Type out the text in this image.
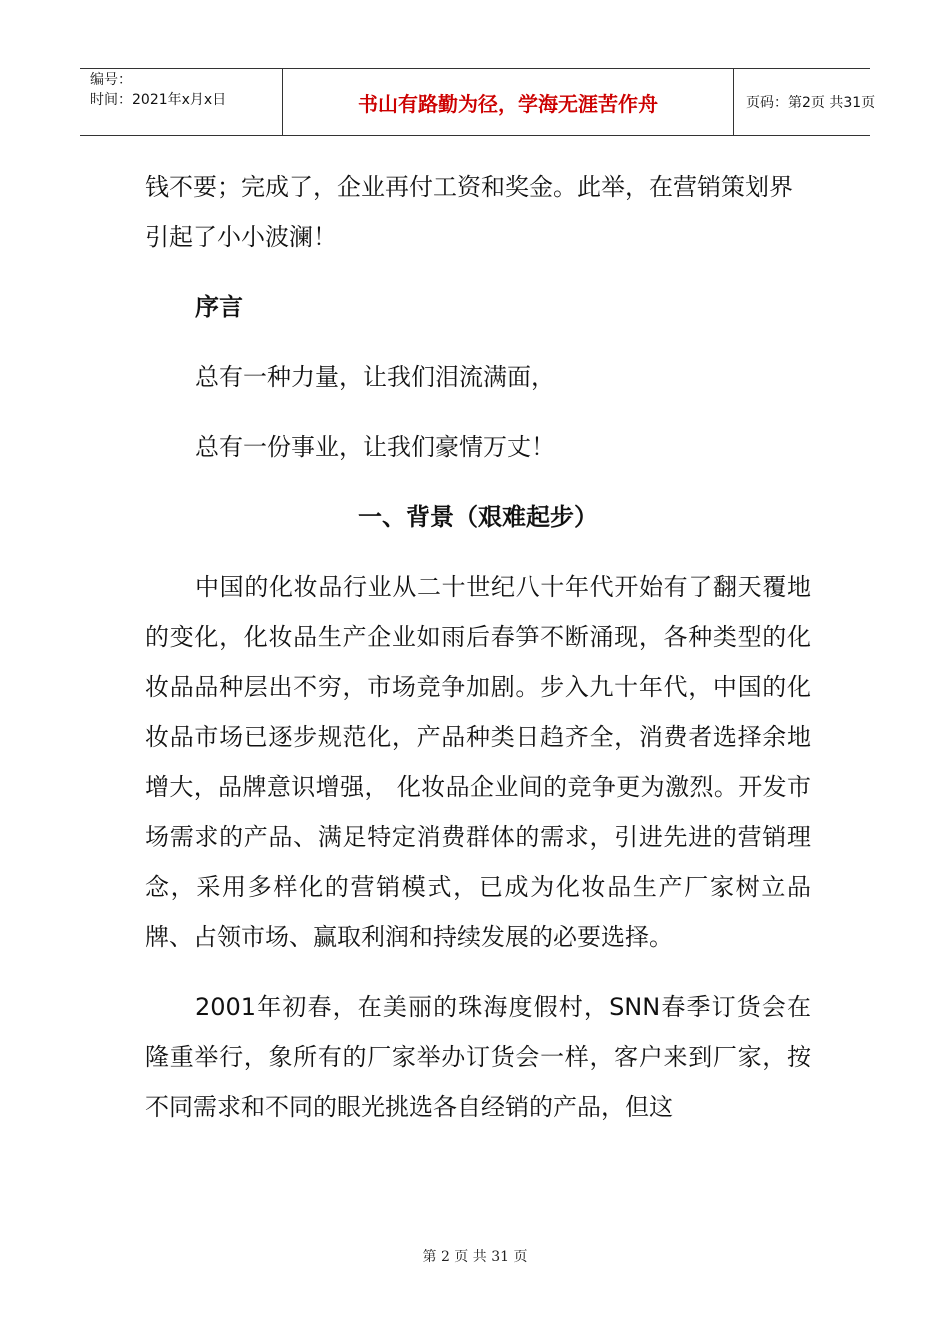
编号：
时间：2021年x月x日	书山有路勤为径，学海无涯苦作舟	页码：第2页 共31页

钱不要；完成了，企业再付工资和奖金。此举，在营销策划界引起了小小波澜！

序言

总有一种力量，让我们泪流满面，

总有一份事业，让我们豪情万丈！

一、背景（艰难起步）

中国的化妆品行业从二十世纪八十年代开始有了翻天覆地的变化，化妆品生产企业如雨后春笋不断涌现，各种类型的化妆品品种层出不穷，市场竞争加剧。步入九十年代，中国的化妆品市场已逐步规范化，产品种类日趋齐全，消费者选择余地增大，品牌意识增强， 化妆品企业间的竞争更为激烈。开发市场需求的产品、满足特定消费群体的需求，引进先进的营销理念，采用多样化的营销模式，已成为化妆品生产厂家树立品牌、占领市场、赢取利润和持续发展的必要选择。

2001年初春，在美丽的珠海度假村，SNN春季订货会在隆重举行，象所有的厂家举办订货会一样，客户来到厂家，按不同需求和不同的眼光挑选各自经销的产品，但这

第 2 页 共 31 页
